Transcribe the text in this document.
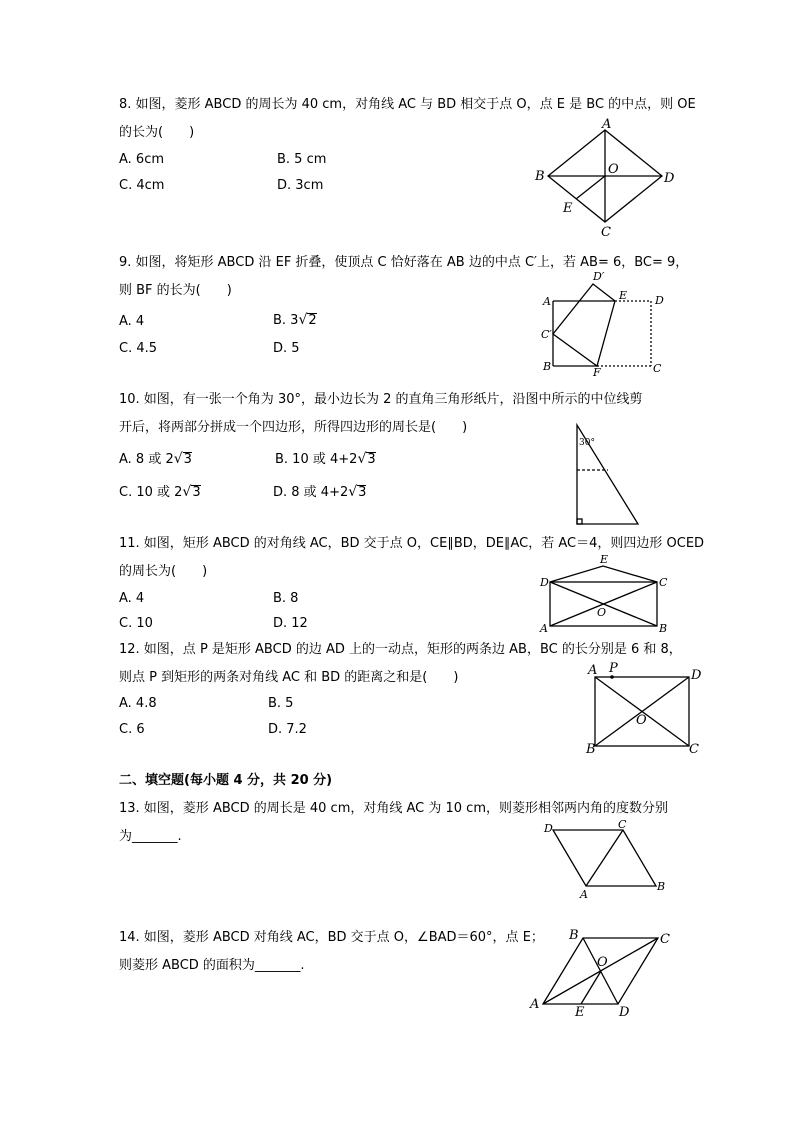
8. 如图，菱形 ABCD 的周长为 40 cm，对角线 AC 与 BD 相交于点 O，点 E 是 BC 的中点，则 OE
的长为(　　)
A. 6cm	B. 5 cm
C. 4cm	D. 3cm
A
B	D
C
O
E
9. 如图，将矩形 ABCD 沿 EF 折叠，使顶点 C 恰好落在 AB 边的中点 C′上，若 AB= 6，BC= 9，
则 BF 的长为(　　)
A. 4	B. 3√2
C. 4.5	D. 5
A
B
D
C
E
F
C′
D′
10. 如图，有一张一个角为 30°，最小边长为 2 的直角三角形纸片，沿图中所示的中位线剪
开后，将两部分拼成一个四边形，所得四边形的周长是(　　)
A. 8 或 2√3	B. 10 或 4+2√3
C. 10 或 2√3	D. 8 或 4+2√3
30°
11. 如图，矩形 ABCD 的对角线 AC，BD 交于点 O，CE∥BD，DE∥AC，若 AC＝4，则四边形 OCED
的周长为(　　)
A. 4	B. 8
C. 10	D. 12
E
D	C
A	B
O
12. 如图，点 P 是矩形 ABCD 的边 AD 上的一动点，矩形的两条边 AB，BC 的长分别是 6 和 8，
则点 P 到矩形的两条对角线 AC 和 BD 的距离之和是(　　)
A. 4.8	B. 5
C. 6	D. 7.2
A P	D
B	C
O
二、填空题(每小题 4 分，共 20 分)
13. 如图，菱形 ABCD 的周长是 40 cm，对角线 AC 为 10 cm，则菱形相邻两内角的度数分别
为_______.
D	C
A
B
14. 如图，菱形 ABCD 对角线 AC，BD 交于点 O，∠BAD＝60°，点 E；
则菱形 ABCD 的面积为_______.
B	C
A
D
E
O
